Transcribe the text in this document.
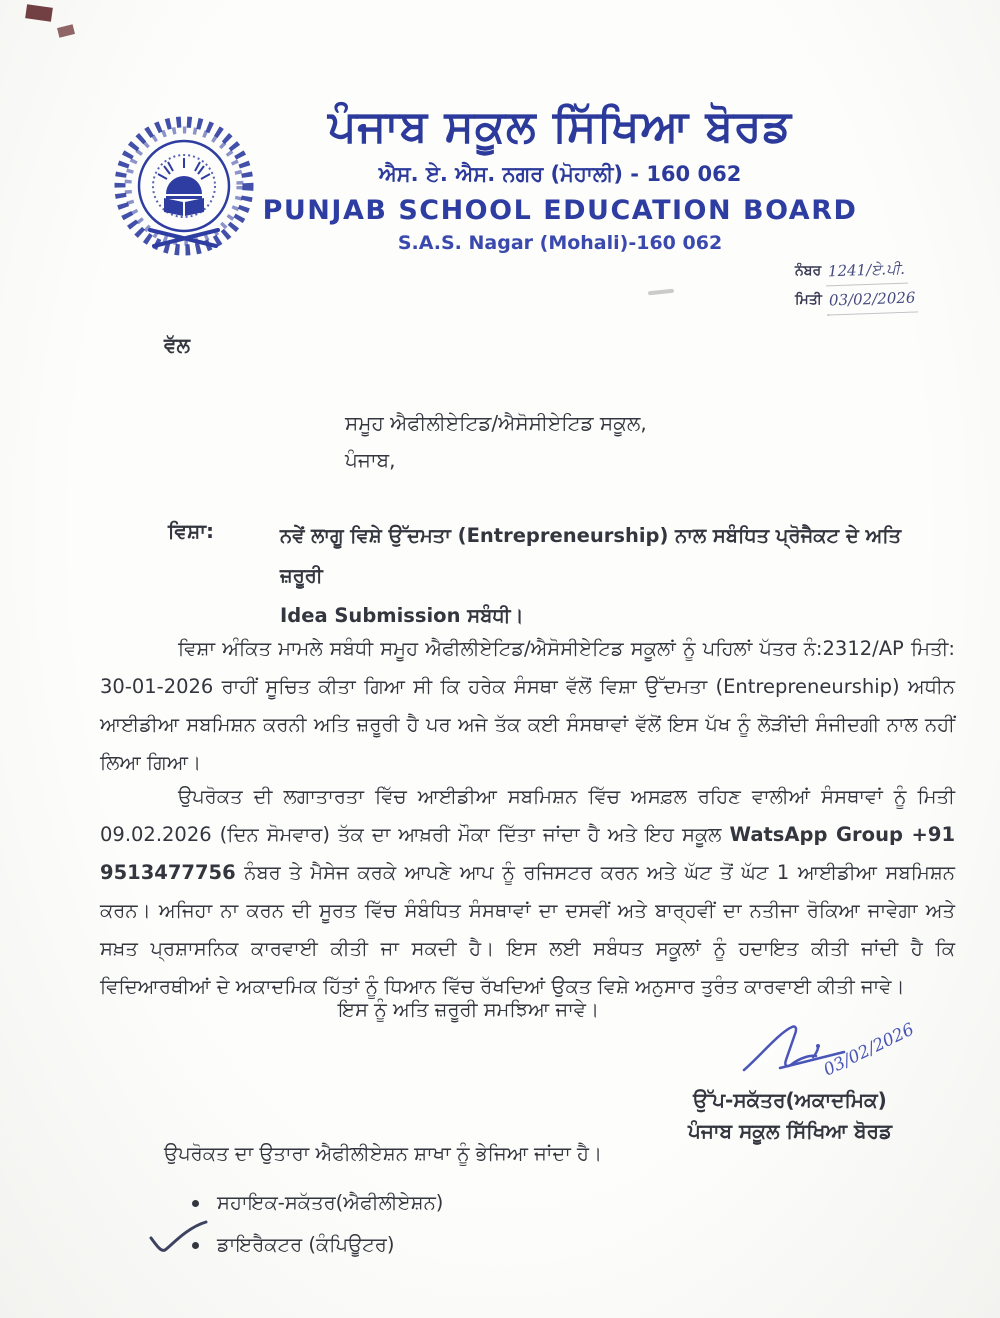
ਪੰਜਾਬ ਸਕੂਲ ਸਿੱਖਿਆ ਬੋਰਡ
ਐਸ. ਏ. ਐਸ. ਨਗਰ (ਮੋਹਾਲੀ) - 160 062
PUNJAB SCHOOL EDUCATION BOARD
S.A.S. Nagar (Mohali)-160 062
ਨੰਬਰ 1241/ਏ.ਪੀ.
ਮਿਤੀ 03/02/2026
ਵੱਲ
ਸਮੂਹ ਐਫੀਲੀਏਟਿਡ/ਐਸੋਸੀਏਟਿਡ ਸਕੂਲ,
ਪੰਜਾਬ,
ਵਿਸ਼ਾ:	ਨਵੇਂ ਲਾਗੂ ਵਿਸ਼ੇ ਉੱਦਮਤਾ (Entrepreneurship) ਨਾਲ ਸਬੰਧਿਤ ਪ੍ਰੋਜੈਕਟ ਦੇ ਅਤਿ ਜ਼ਰੂਰੀ
Idea Submission ਸਬੰਧੀ।
ਵਿਸ਼ਾ ਅੰਕਿਤ ਮਾਮਲੇ ਸਬੰਧੀ ਸਮੂਹ ਐਫੀਲੀਏਟਿਡ/ਐਸੋਸੀਏਟਿਡ ਸਕੂਲਾਂ ਨੂੰ ਪਹਿਲਾਂ ਪੱਤਰ ਨੰ:2312/AP ਮਿਤੀ: 30-01-2026 ਰਾਹੀਂ ਸੂਚਿਤ ਕੀਤਾ ਗਿਆ ਸੀ ਕਿ ਹਰੇਕ ਸੰਸਥਾ ਵੱਲੋਂ ਵਿਸ਼ਾ ਉੱਦਮਤਾ (Entrepreneurship) ਅਧੀਨ ਆਈਡੀਆ ਸਬਮਿਸ਼ਨ ਕਰਨੀ ਅਤਿ ਜ਼ਰੂਰੀ ਹੈ ਪਰ ਅਜੇ ਤੱਕ ਕਈ ਸੰਸਥਾਵਾਂ ਵੱਲੋਂ ਇਸ ਪੱਖ ਨੂੰ ਲੋੜੀਂਦੀ ਸੰਜੀਦਗੀ ਨਾਲ ਨਹੀਂ ਲਿਆ ਗਿਆ।
ਉਪਰੋਕਤ ਦੀ ਲਗਾਤਾਰਤਾ ਵਿੱਚ ਆਈਡੀਆ ਸਬਮਿਸ਼ਨ ਵਿੱਚ ਅਸਫ਼ਲ ਰਹਿਣ ਵਾਲੀਆਂ ਸੰਸਥਾਵਾਂ ਨੂੰ ਮਿਤੀ 09.02.2026 (ਦਿਨ ਸੋਮਵਾਰ) ਤੱਕ ਦਾ ਆਖ਼ਰੀ ਮੌਕਾ ਦਿੱਤਾ ਜਾਂਦਾ ਹੈ ਅਤੇ ਇਹ ਸਕੂਲ WatsApp Group +91 9513477756 ਨੰਬਰ ਤੇ ਮੈਸੇਜ ਕਰਕੇ ਆਪਣੇ ਆਪ ਨੂੰ ਰਜਿਸਟਰ ਕਰਨ ਅਤੇ ਘੱਟ ਤੋਂ ਘੱਟ 1 ਆਈਡੀਆ ਸਬਮਿਸ਼ਨ ਕਰਨ। ਅਜਿਹਾ ਨਾ ਕਰਨ ਦੀ ਸੂਰਤ ਵਿੱਚ ਸੰਬੰਧਿਤ ਸੰਸਥਾਵਾਂ ਦਾ ਦਸਵੀਂ ਅਤੇ ਬਾਰ੍ਹਵੀਂ ਦਾ ਨਤੀਜਾ ਰੋਕਿਆ ਜਾਵੇਗਾ ਅਤੇ ਸਖ਼ਤ ਪ੍ਰਸ਼ਾਸਨਿਕ ਕਾਰਵਾਈ ਕੀਤੀ ਜਾ ਸਕਦੀ ਹੈ। ਇਸ ਲਈ ਸਬੰਧਤ ਸਕੂਲਾਂ ਨੂੰ ਹਦਾਇਤ ਕੀਤੀ ਜਾਂਦੀ ਹੈ ਕਿ ਵਿਦਿਆਰਥੀਆਂ ਦੇ ਅਕਾਦਮਿਕ ਹਿੱਤਾਂ ਨੂੰ ਧਿਆਨ ਵਿੱਚ ਰੱਖਦਿਆਂ ਉਕਤ ਵਿਸ਼ੇ ਅਨੁਸਾਰ ਤੁਰੰਤ ਕਾਰਵਾਈ ਕੀਤੀ ਜਾਵੇ।
ਇਸ ਨੂੰ ਅਤਿ ਜ਼ਰੂਰੀ ਸਮਝਿਆ ਜਾਵੇ।
03/02/2026
ਉੱਪ-ਸਕੱਤਰ(ਅਕਾਦਮਿਕ)
ਪੰਜਾਬ ਸਕੂਲ ਸਿੱਖਿਆ ਬੋਰਡ
ਉਪਰੋਕਤ ਦਾ ਉਤਾਰਾ ਐਫੀਲੀਏਸ਼ਨ ਸ਼ਾਖਾ ਨੂੰ ਭੇਜਿਆ ਜਾਂਦਾ ਹੈ।
ਸਹਾਇਕ-ਸਕੱਤਰ(ਐਫੀਲੀਏਸ਼ਨ)
ਡਾਇਰੈਕਟਰ (ਕੰਪਿਊਟਰ)
